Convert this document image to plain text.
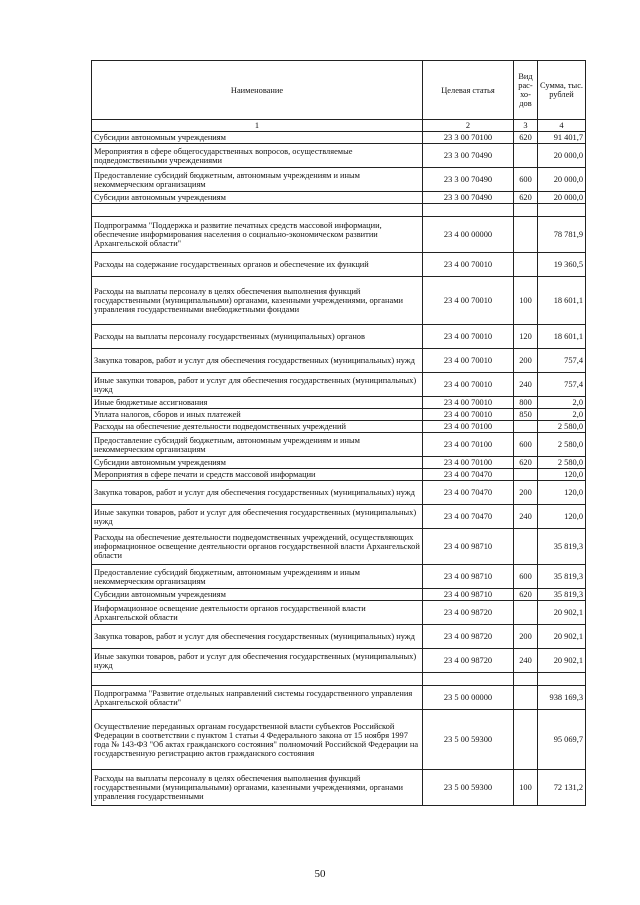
Наименование	Целевая статья	Вид рас-хо-дов	Сумма, тыс. рублей
1	2	3	4
Субсидии автономным учреждениям	23 3 00 70100	620	91 401,7
Мероприятия в сфере общегосударственных вопросов, осуществляемые подведомственными учреждениями	23 3 00 70490		20 000,0
Предоставление субсидий бюджетным, автономным учреждениям и иным некоммерческим организациям	23 3 00 70490	600	20 000,0
Субсидии автономным учреждениям	23 3 00 70490	620	20 000,0

Подпрограмма "Поддержка и развитие печатных средств массовой информации, обеспечение информирования населения о социально-экономическом развитии Архангельской области"	23 4 00 00000		78 781,9
Расходы на содержание государственных органов и обеспечение их функций	23 4 00 70010		19 360,5
Расходы на выплаты персоналу в целях обеспечения выполнения функций государственными (муниципальными) органами, казенными учреждениями, органами управления государственными внебюджетными фондами	23 4 00 70010	100	18 601,1
Расходы на выплаты персоналу государственных (муниципальных) органов	23 4 00 70010	120	18 601,1
Закупка товаров, работ и услуг для обеспечения государственных (муниципальных) нужд	23 4 00 70010	200	757,4
Иные закупки товаров, работ и услуг для обеспечения государственных (муниципальных) нужд	23 4 00 70010	240	757,4
Иные бюджетные ассигнования	23 4 00 70010	800	2,0
Уплата налогов, сборов и иных платежей	23 4 00 70010	850	2,0
Расходы на обеспечение деятельности подведомственных учреждений	23 4 00 70100		2 580,0
Предоставление субсидий бюджетным, автономным учреждениям и иным некоммерческим организациям	23 4 00 70100	600	2 580,0
Субсидии автономным учреждениям	23 4 00 70100	620	2 580,0
Мероприятия в сфере печати и средств массовой информации	23 4 00 70470		120,0
Закупка товаров, работ и услуг для обеспечения государственных (муниципальных) нужд	23 4 00 70470	200	120,0
Иные закупки товаров, работ и услуг для обеспечения государственных (муниципальных) нужд	23 4 00 70470	240	120,0
Расходы на обеспечение деятельности подведомственных учреждений, осуществляющих информационное освещение деятельности органов государственной власти Архангельской области	23 4 00 98710		35 819,3
Предоставление субсидий бюджетным, автономным учреждениям и иным некоммерческим организациям	23 4 00 98710	600	35 819,3
Субсидии автономным учреждениям	23 4 00 98710	620	35 819,3
Информационное освещение деятельности органов государственной власти Архангельской области	23 4 00 98720		20 902,1
Закупка товаров, работ и услуг для обеспечения государственных (муниципальных) нужд	23 4 00 98720	200	20 902,1
Иные закупки товаров, работ и услуг для обеспечения государственных (муниципальных) нужд	23 4 00 98720	240	20 902,1

Подпрограмма "Развитие отдельных направлений системы государственного управления Архангельской области"	23 5 00 00000		938 169,3
Осуществление переданных органам государственной власти субъектов Российской Федерации в соответствии с пунктом 1 статьи 4 Федерального закона от 15 ноября 1997 года № 143-ФЗ "Об актах гражданского состояния" полномочий Российской Федерации на государственную регистрацию актов гражданского состояния	23 5 00 59300		95 069,7
Расходы на выплаты персоналу в целях обеспечения выполнения функций государственными (муниципальными) органами, казенными учреждениями, органами управления государственными	23 5 00 59300	100	72 131,2
50
